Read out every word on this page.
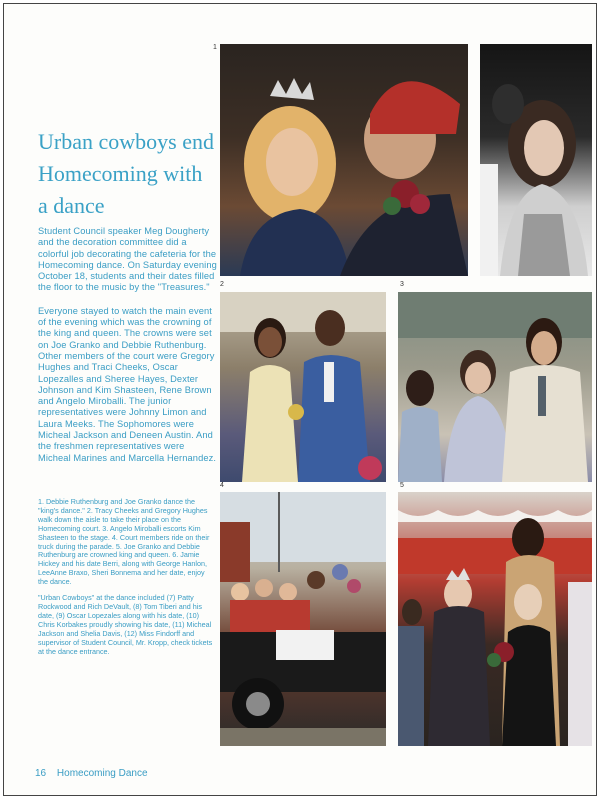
Urban cowboys end Homecoming with a dance

Student Council speaker Meg Dougherty and the decoration committee did a colorful job decorating the cafeteria for the Homecoming dance. On Saturday evening October 18, students and their dates filled the floor to the music by the "Treasures."

Everyone stayed to watch the main event of the evening which was the crowning of the king and queen. The crowns were set on Joe Granko and Debbie Ruthenburg. Other members of the court were Gregory Hughes and Traci Cheeks, Oscar Lopezalles and Sheree Hayes, Dexter Johnson and Kim Shasteen, Rene Brown and Angelo Miroballi. The junior representatives were Johnny Limon and Laura Meeks. The Sophomores were Micheal Jackson and Deneen Austin. And the freshmen representatives were Micheal Marines and Marcella Hernandez.

1. Debbie Ruthenburg and Joe Granko dance the "king's dance." 2. Tracy Cheeks and Gregory Hughes walk down the aisle to take their place on the Homecoming court. 3. Angelo Miroballi escorts Kim Shasteen to the stage. 4. Court members ride on their truck during the parade. 5. Joe Granko and Debbie Ruthenburg are crowned king and queen. 6. Jamie Hickey and his date Berri, along with George Hanlon, LeeAnne Braxo, Sheri Bonnema and her date, enjoy the dance.

"Urban Cowboys" at the dance included (7) Patty Rockwood and Rich DeVault, (8) Tom Tiberi and his date, (9) Oscar Lopezales along with his date, (10) Chris Korbakes proudly showing his date, (11) Micheal Jackson and Shelia Davis, (12) Miss Findorff and supervisor of Student Council, Mr. Kropp, check tickets at the dance entrance.

16 Homecoming Dance
1
2	3
4	5
